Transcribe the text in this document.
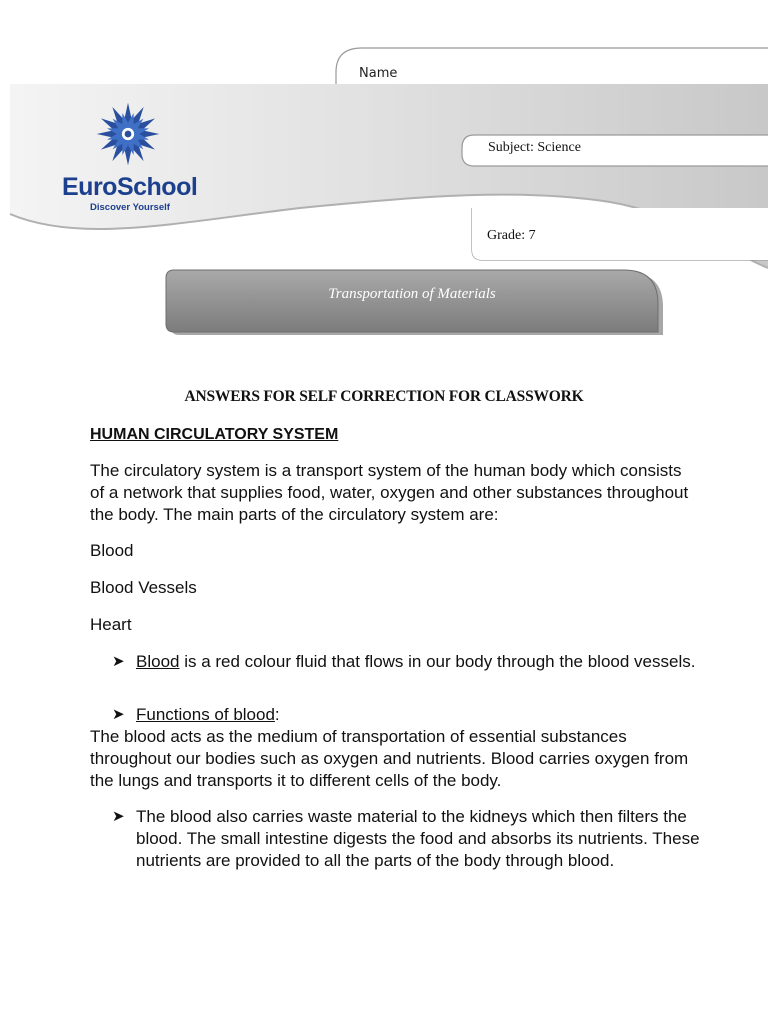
Name
EuroSchool
Discover Yourself
Subject: Science
Grade: 7
Transportation of Materials
ANSWERS FOR SELF CORRECTION FOR CLASSWORK

HUMAN CIRCULATORY SYSTEM

The circulatory system is a transport system of the human body which consists of a network that supplies food, water, oxygen and other substances throughout the body. The main parts of the circulatory system are:

Blood

Blood Vessels

Heart

➤ Blood is a red colour fluid that flows in our body through the blood vessels.

➤ Functions of blood:

The blood acts as the medium of transportation of essential substances throughout our bodies such as oxygen and nutrients. Blood carries oxygen from the lungs and transports it to different cells of the body.

➤ The blood also carries waste material to the kidneys which then filters the blood. The small intestine digests the food and absorbs its nutrients. These nutrients are provided to all the parts of the body through blood.
